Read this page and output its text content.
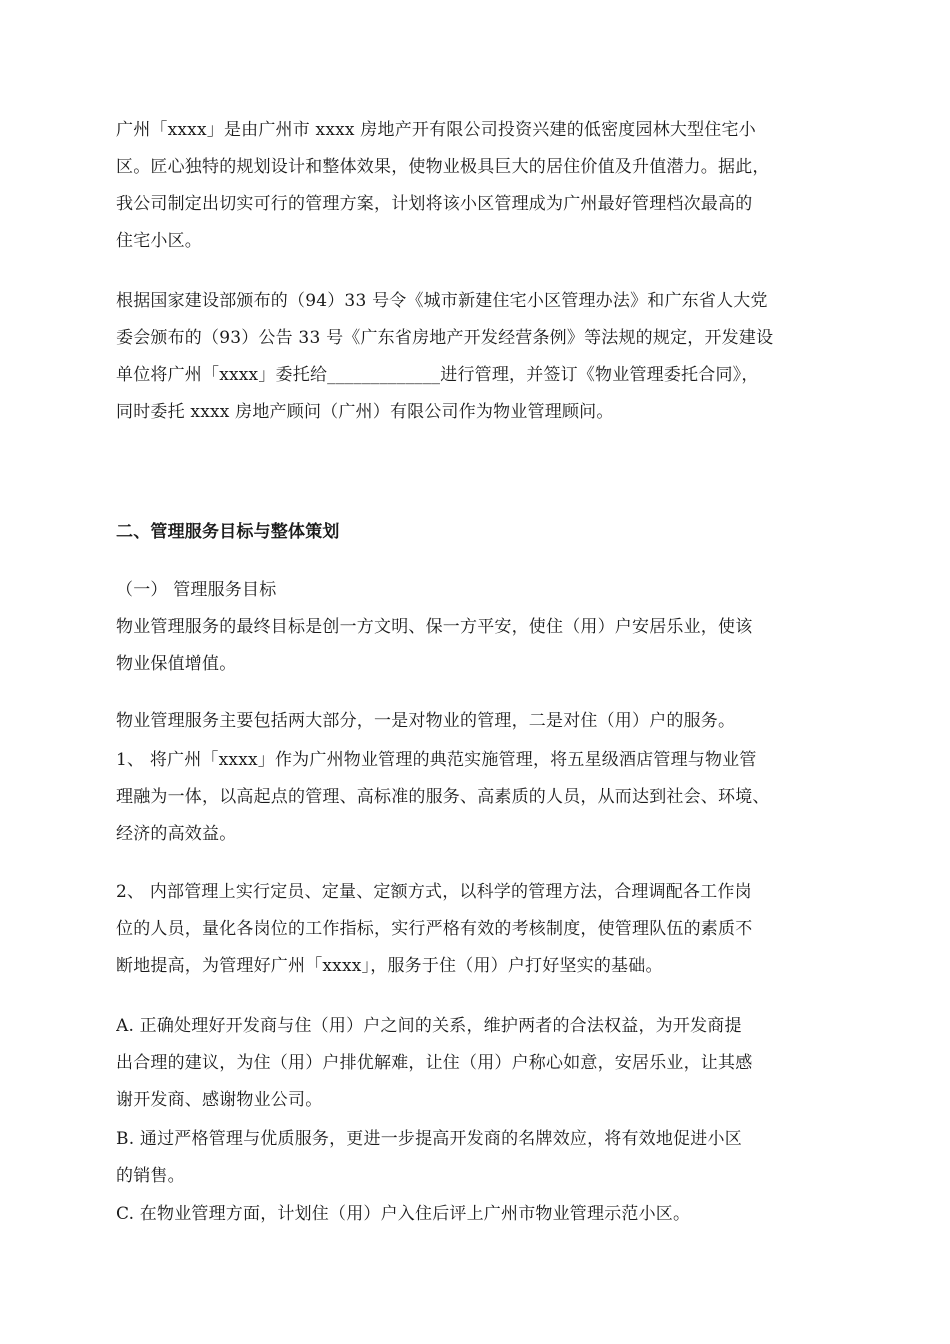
广州「xxxx」是由广州市 xxxx 房地产开有限公司投资兴建的低密度园林大型住宅小
区。匠心独特的规划设计和整体效果，使物业极具巨大的居住价值及升值潜力。据此，
我公司制定出切实可行的管理方案，计划将该小区管理成为广州最好管理档次最高的
住宅小区。
根据国家建设部颁布的（94）33 号令《城市新建住宅小区管理办法》和广东省人大党
委会颁布的（93）公告 33 号《广东省房地产开发经营条例》等法规的规定，开发建设
单位将广州「xxxx」委托给_____________进行管理，并签订《物业管理委托合同》，
同时委托 xxxx 房地产顾问（广州）有限公司作为物业管理顾问。
二、管理服务目标与整体策划
（一） 管理服务目标
物业管理服务的最终目标是创一方文明、保一方平安，使住（用）户安居乐业，使该
物业保值增值。
物业管理服务主要包括两大部分，一是对物业的管理，二是对住（用）户的服务。
1、 将广州「xxxx」作为广州物业管理的典范实施管理，将五星级酒店管理与物业管
理融为一体，以高起点的管理、高标准的服务、高素质的人员，从而达到社会、环境、
经济的高效益。
2、 内部管理上实行定员、定量、定额方式，以科学的管理方法，合理调配各工作岗
位的人员，量化各岗位的工作指标，实行严格有效的考核制度，使管理队伍的素质不
断地提高，为管理好广州「xxxx」，服务于住（用）户打好坚实的基础。
A. 正确处理好开发商与住（用）户之间的关系，维护两者的合法权益，为开发商提
出合理的建议，为住（用）户排优解难，让住（用）户称心如意，安居乐业，让其感
谢开发商、感谢物业公司。
B. 通过严格管理与优质服务，更进一步提高开发商的名牌效应，将有效地促进小区
的销售。
C. 在物业管理方面，计划住（用）户入住后评上广州市物业管理示范小区。
